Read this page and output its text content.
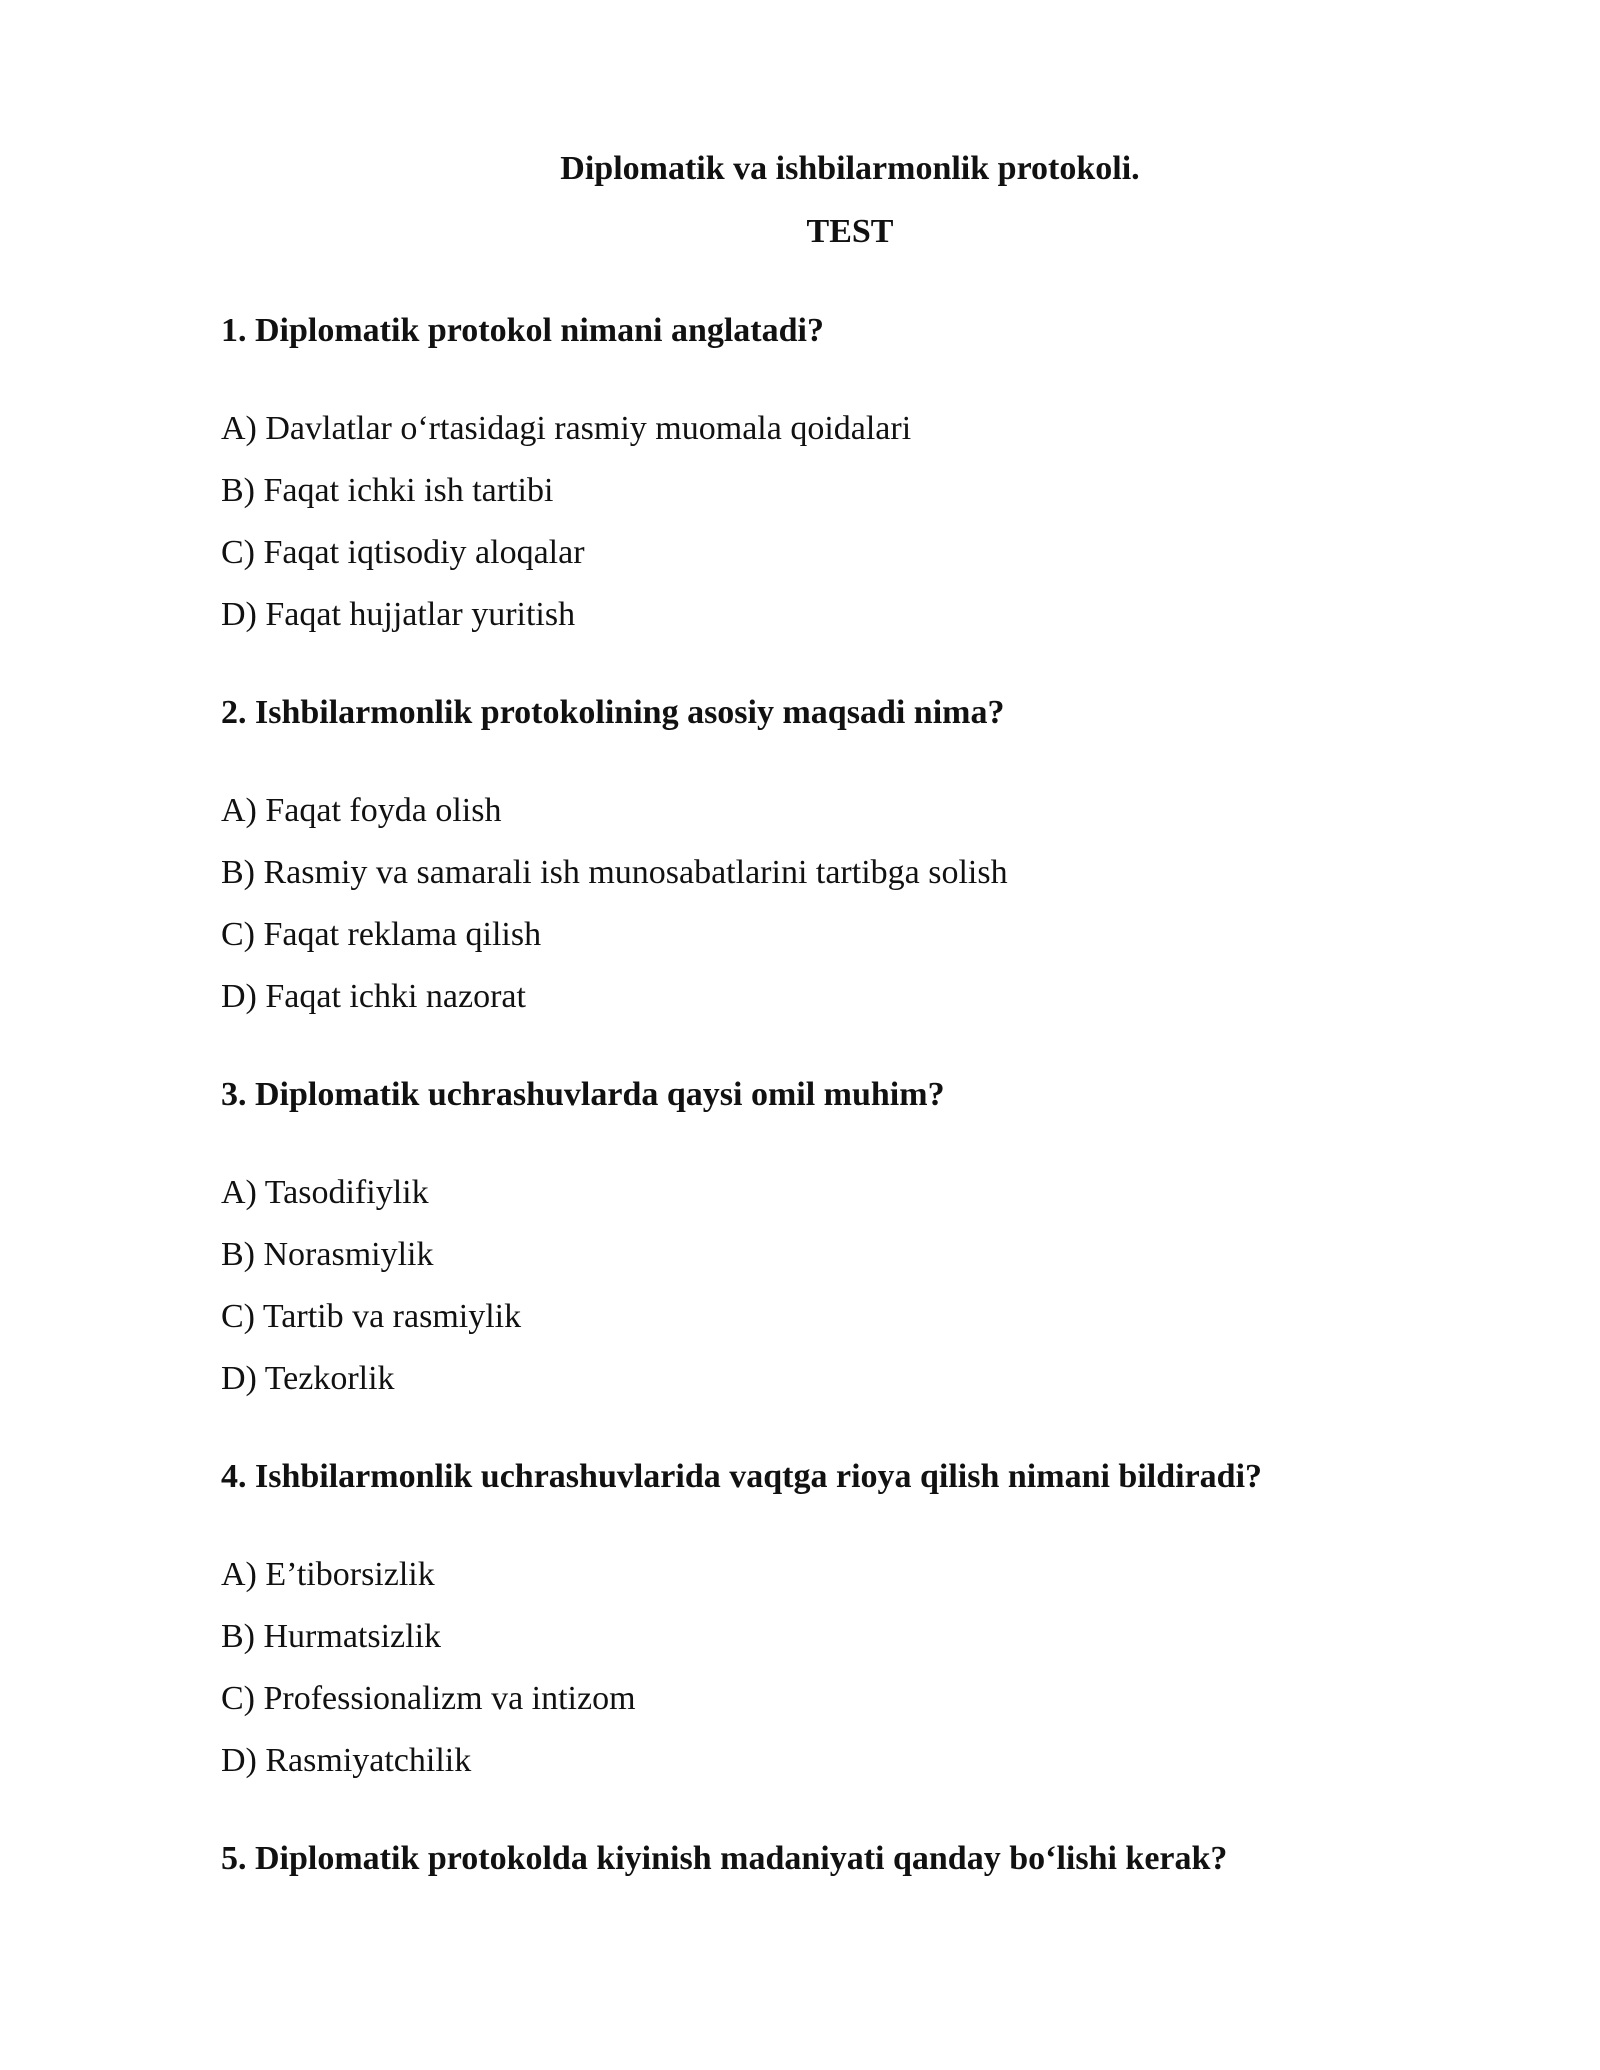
Diplomatik va ishbilarmonlik protokoli.
TEST

1. Diplomatik protokol nimani anglatadi?

A) Davlatlar o‘rtasidagi rasmiy muomala qoidalari

B) Faqat ichki ish tartibi

C) Faqat iqtisodiy aloqalar

D) Faqat hujjatlar yuritish

2. Ishbilarmonlik protokolining asosiy maqsadi nima?

A) Faqat foyda olish

B) Rasmiy va samarali ish munosabatlarini tartibga solish

C) Faqat reklama qilish

D) Faqat ichki nazorat

3. Diplomatik uchrashuvlarda qaysi omil muhim?

A) Tasodifiylik

B) Norasmiylik

C) Tartib va rasmiylik

D) Tezkorlik

4. Ishbilarmonlik uchrashuvlarida vaqtga rioya qilish nimani bildiradi?

A) E’tiborsizlik

B) Hurmatsizlik

C) Professionalizm va intizom

D) Rasmiyatchilik

5. Diplomatik protokolda kiyinish madaniyati qanday bo‘lishi kerak?
